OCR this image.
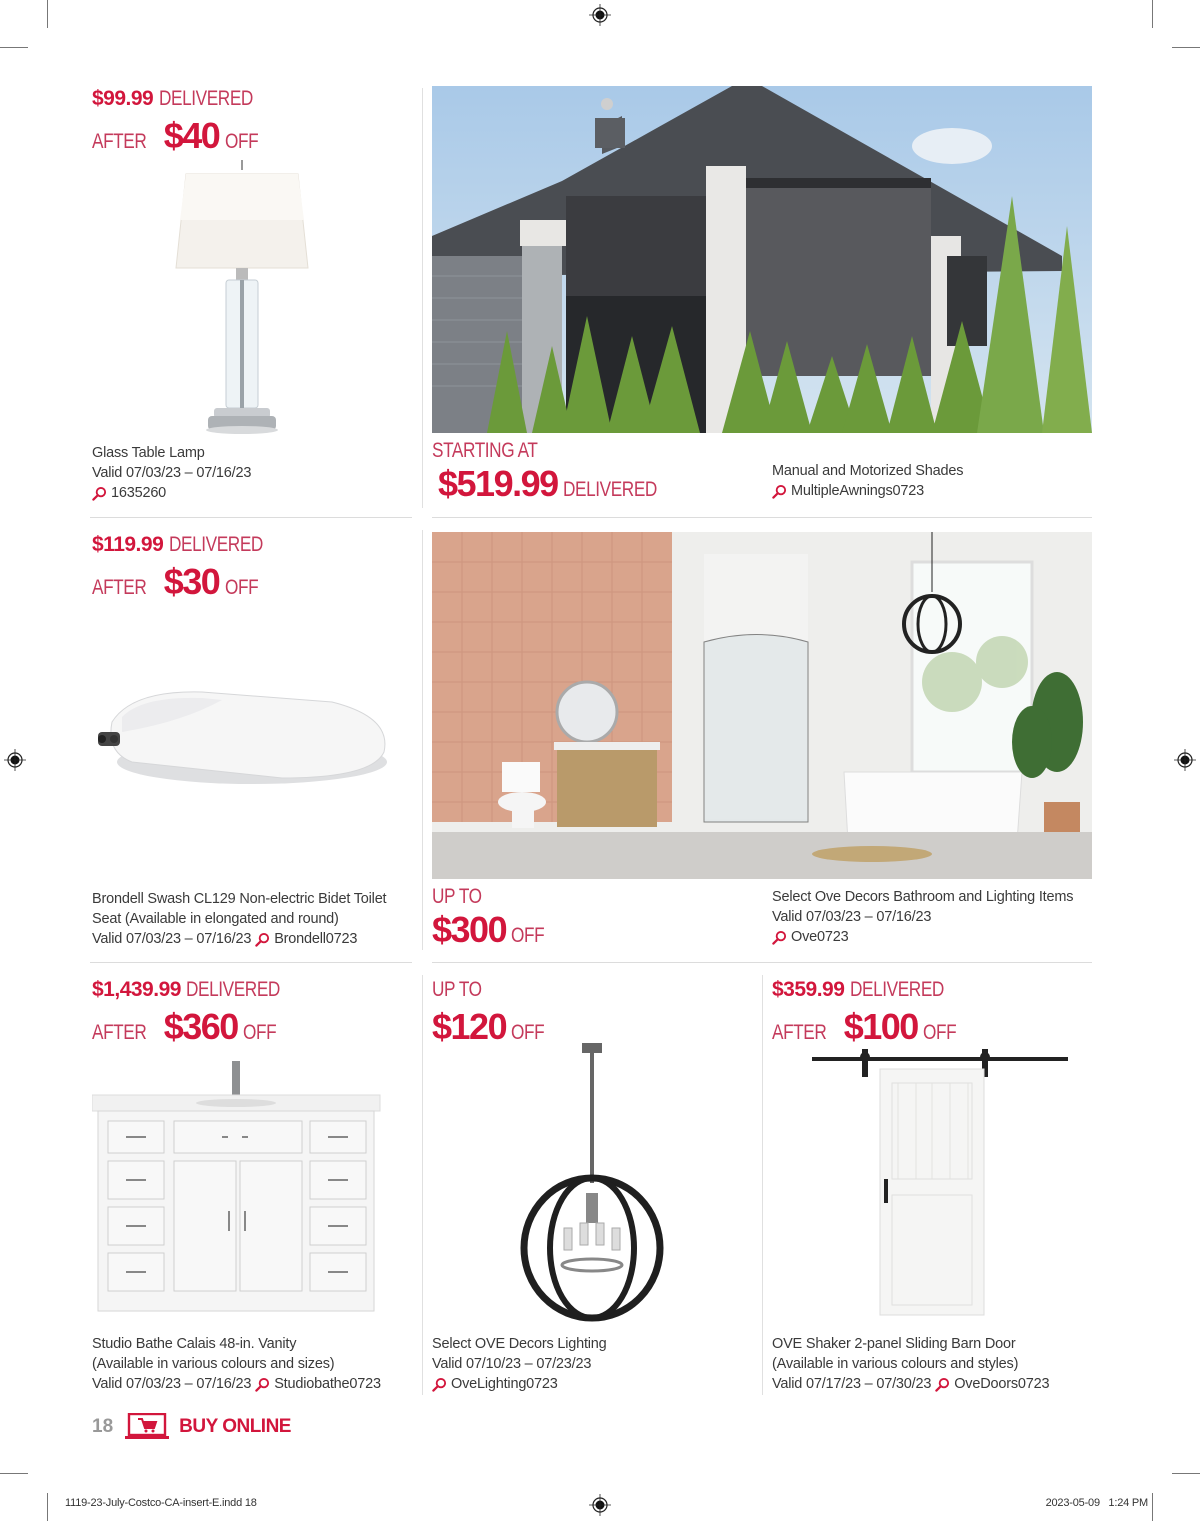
$99.99 DELIVERED
AFTER $40 OFF
Glass Table Lamp
Valid 07/03/23 – 07/16/23
1635260
STARTING AT
$519.99 DELIVERED
Manual and Motorized Shades
MultipleAwnings0723
$119.99 DELIVERED
AFTER $30 OFF
Brondell Swash CL129 Non-electric Bidet Toilet
Seat (Available in elongated and round)
Valid 07/03/23 – 07/16/23 Brondell0723
UP TO
$300 OFF
Select Ove Decors Bathroom and Lighting Items
Valid 07/03/23 – 07/16/23
Ove0723
$1,439.99 DELIVERED
AFTER $360 OFF
Studio Bathe Calais 48-in. Vanity
(Available in various colours and sizes)
Valid 07/03/23 – 07/16/23 Studiobathe0723
UP TO
$120 OFF
Select OVE Decors Lighting
Valid 07/10/23 – 07/23/23
OveLighting0723
$359.99 DELIVERED
AFTER $100 OFF
OVE Shaker 2-panel Sliding Barn Door
(Available in various colours and styles)
Valid 07/17/23 – 07/30/23 OveDoors0723
18	BUY ONLINE
1119-23-July-Costco-CA-insert-E.indd 18	2023-05-09   1:24 PM
